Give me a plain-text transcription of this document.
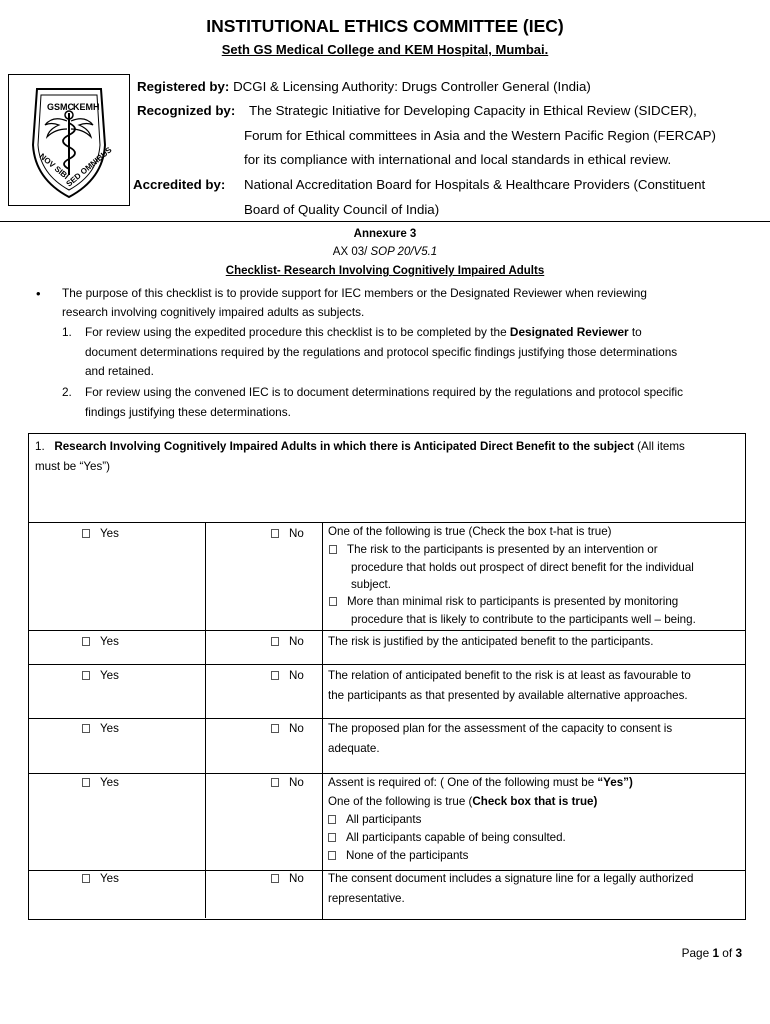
INSTITUTIONAL ETHICS COMMITTEE (IEC)
Seth GS Medical College and KEM Hospital, Mumbai.
GSMC KEMH
NOV SIBI
SED OMNIBUS
Registered by: DCGI & Licensing Authority: Drugs Controller General (India)
Recognized by: The Strategic Initiative for Developing Capacity in Ethical Review (SIDCER),
Forum for Ethical committees in Asia and the Western Pacific Region (FERCAP)
for its compliance with international and local standards in ethical review.
Accredited by: National Accreditation Board for Hospitals & Healthcare Providers (Constituent
Board of Quality Council of India)
Annexure 3
AX 03/ SOP 20/V5.1
Checklist- Research Involving Cognitively Impaired Adults
• The purpose of this checklist is to provide support for IEC members or the Designated Reviewer when reviewing
research involving cognitively impaired adults as subjects.
1. For review using the expedited procedure this checklist is to be completed by the Designated Reviewer to
document determinations required by the regulations and protocol specific findings justifying those determinations
and retained.
2. For review using the convened IEC is to document determinations required by the regulations and protocol specific
findings justifying these determinations.
1. Research Involving Cognitively Impaired Adults in which there is Anticipated Direct Benefit to the subject (All items
must be “Yes”)
Yes	No One of the following is true (Check the box t-hat is true)
The risk to the participants is presented by an intervention or
procedure that holds out prospect of direct benefit for the individual
subject.
More than minimal risk to participants is presented by monitoring
procedure that is likely to contribute to the participants well – being.
Yes	No The risk is justified by the anticipated benefit to the participants.
Yes	No The relation of anticipated benefit to the risk is at least as favourable to
the participants as that presented by available alternative approaches.
Yes	No The proposed plan for the assessment of the capacity to consent is
adequate.
Yes	No Assent is required of: ( One of the following must be “Yes”)
One of the following is true (Check box that is true)
All participants
All participants capable of being consulted.
None of the participants
Yes	No The consent document includes a signature line for a legally authorized
representative.
Page 1 of 3
